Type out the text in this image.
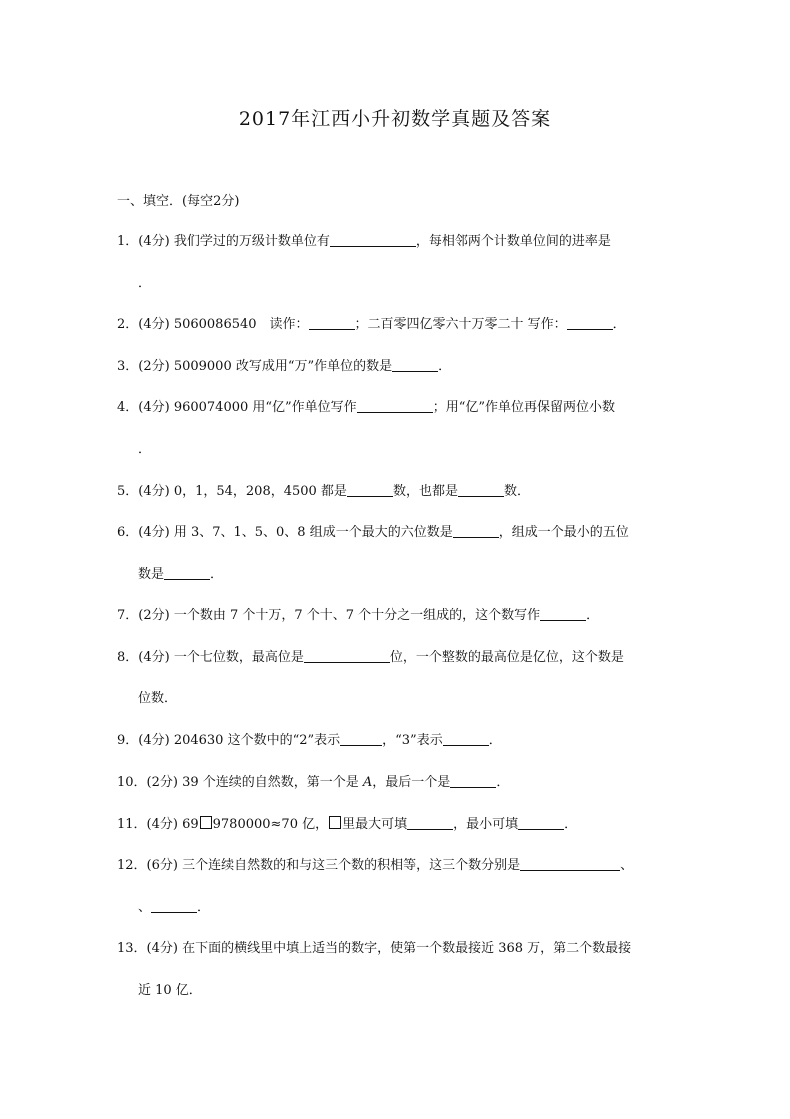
2017年江西小升初数学真题及答案
一、填空．(每空2分)
1．(4分) 我们学过的万级计数单位有	，每相邻两个计数单位间的进率是
．
2．(4分) 5060086540　读作：	；二百零四亿零六十万零二十 写作：	．
3．(2分) 5009000 改写成用“万”作单位的数是	．
4．(4分) 960074000 用“亿”作单位写作	；用“亿”作单位再保留两位小数
．
5．(4分) 0，1，54，208，4500 都是	数，也都是	数．
6．(4分) 用 3、7、1、5、0、8 组成一个最大的六位数是	，组成一个最小的五位
数是	．
7．(2分) 一个数由 7 个十万，7 个十、7 个十分之一组成的，这个数写作	．
8．(4分) 一个七位数，最高位是	位，一个整数的最高位是亿位，这个数是
位数．
9．(4分) 204630 这个数中的“2”表示	，“3”表示	．
10．(2分) 39 个连续的自然数，第一个是 A，最后一个是	．
11．(4分) 69 9780000≈70 亿， 里最大可填	，最小可填	．
12．(6分) 三个连续自然数的和与这三个数的积相等，这三个数分别是	、
、	．
13．(4分) 在下面的横线里中填上适当的数字，使第一个数最接近 368 万，第二个数最接
近 10 亿．
